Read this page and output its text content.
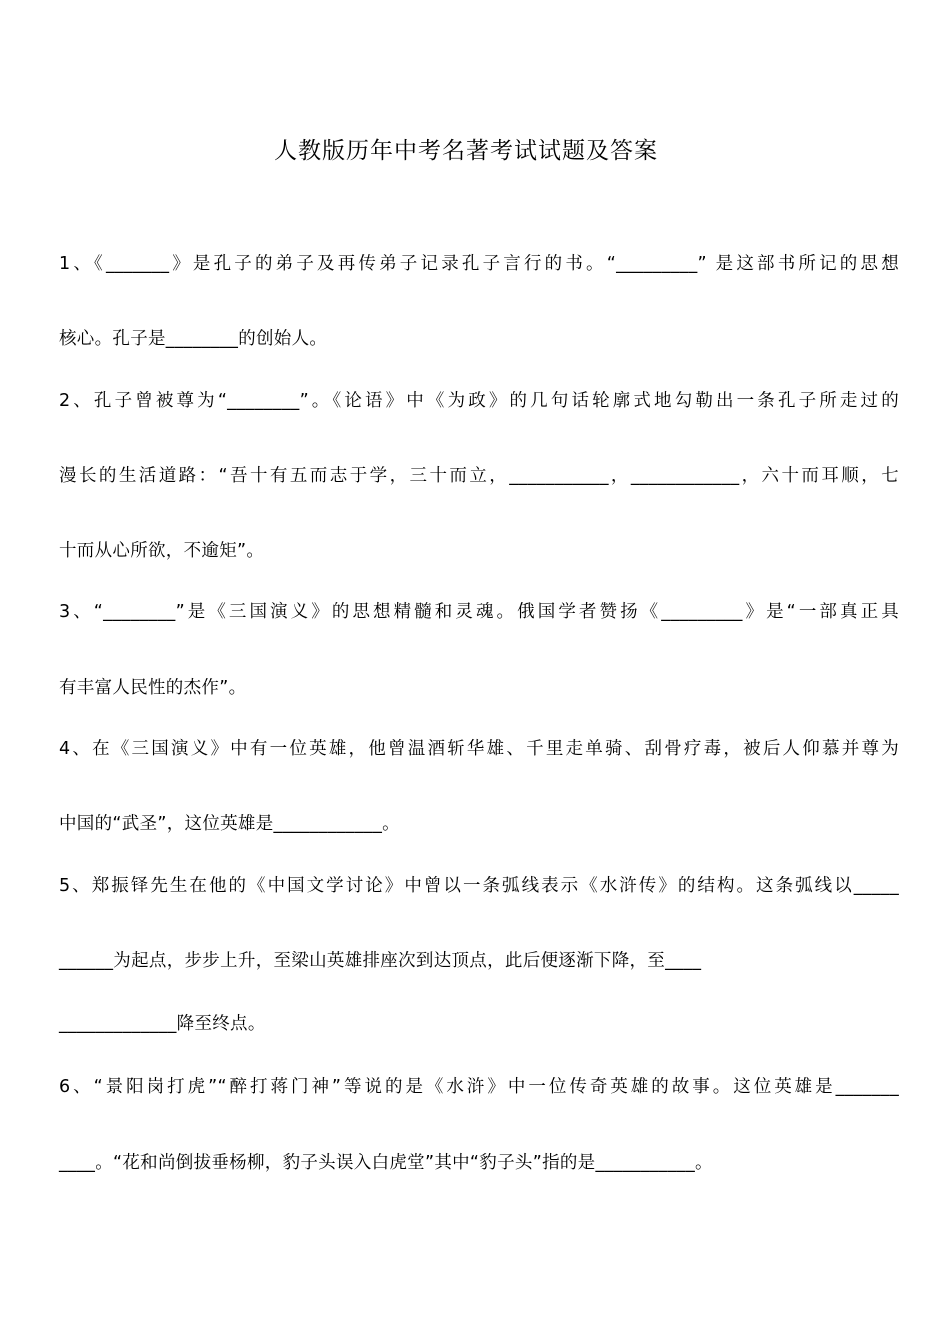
人教版历年中考名著考试试题及答案

1、《_______》是孔子的弟子及再传弟子记录孔子言行的书。“_________” 是这部书所记的思想

核心。孔子是________的创始人。

2、孔子曾被尊为“________”。《论语》中《为政》的几句话轮廓式地勾勒出一条孔子所走过的

漫长的生活道路：“吾十有五而志于学，三十而立，___________，____________，六十而耳顺，七

十而从心所欲，不逾矩”。

3、“________”是《三国演义》的思想精髓和灵魂。俄国学者赞扬《_________》是“一部真正具

有丰富人民性的杰作”。

4、在《三国演义》中有一位英雄，他曾温酒斩华雄、千里走单骑、刮骨疗毒，被后人仰慕并尊为

中国的“武圣”，这位英雄是____________。

5、郑振铎先生在他的《中国文学讨论》中曾以一条弧线表示《水浒传》的结构。这条弧线以_____

______为起点，步步上升，至梁山英雄排座次到达顶点，此后便逐渐下降，至____

_____________降至终点。

6、“景阳岗打虎”“醉打蒋门神”等说的是《水浒》中一位传奇英雄的故事。这位英雄是_______

____。“花和尚倒拔垂杨柳，豹子头误入白虎堂”其中“豹子头”指的是___________。
